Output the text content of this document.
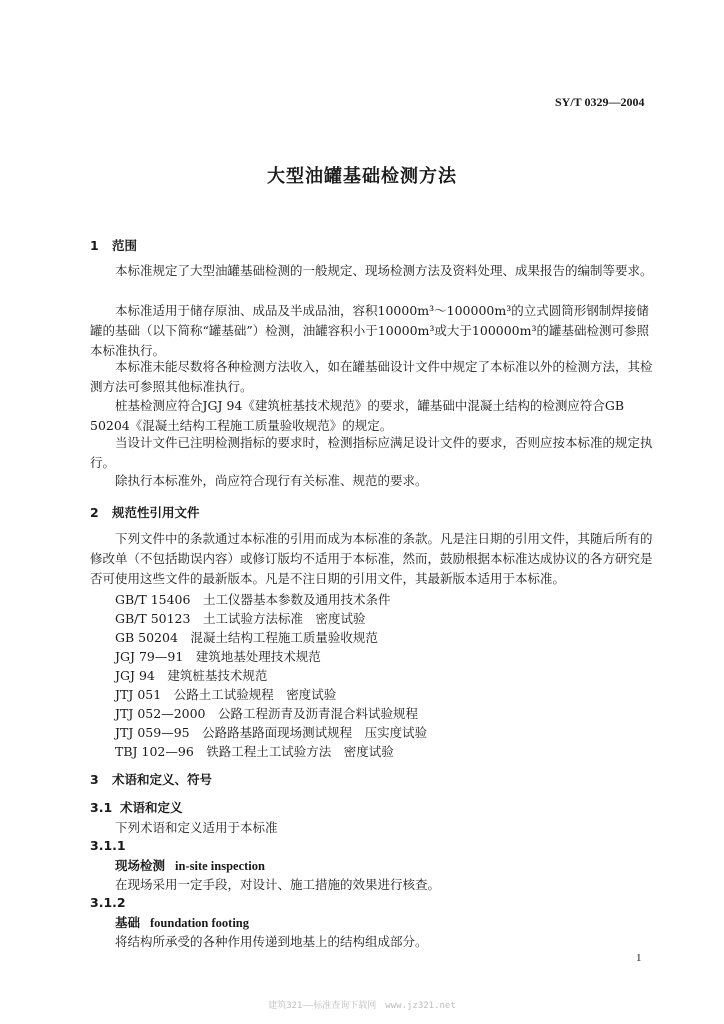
SY/T 0329—2004
大型油罐基础检测方法
1 范围
本标准规定了大型油罐基础检测的一般规定、现场检测方法及资料处理、成果报告的编制等要求。
本标准适用于储存原油、成品及半成品油，容积10000m³～100000m³的立式圆筒形钢制焊接储罐的基础（以下简称“罐基础”）检测，油罐容积小于10000m³或大于100000m³的罐基础检测可参照本标准执行。
本标准未能尽数将各种检测方法收入，如在罐基础设计文件中规定了本标准以外的检测方法，其检测方法可参照其他标准执行。
桩基检测应符合JGJ 94《建筑桩基技术规范》的要求，罐基础中混凝土结构的检测应符合GB 50204《混凝土结构工程施工质量验收规范》的规定。
当设计文件已注明检测指标的要求时，检测指标应满足设计文件的要求，否则应按本标准的规定执行。
除执行本标准外，尚应符合现行有关标准、规范的要求。
2 规范性引用文件
下列文件中的条款通过本标准的引用而成为本标准的条款。凡是注日期的引用文件，其随后所有的修改单（不包括勘误内容）或修订版均不适用于本标准，然而，鼓励根据本标准达成协议的各方研究是否可使用这些文件的最新版本。凡是不注日期的引用文件，其最新版本适用于本标准。
GB/T 15406　土工仪器基本参数及通用技术条件
GB/T 50123　土工试验方法标准　密度试验
GB 50204　混凝土结构工程施工质量验收规范
JGJ 79—91　建筑地基处理技术规范
JGJ 94　建筑桩基技术规范
JTJ 051　公路土工试验规程　密度试验
JTJ 052—2000　公路工程沥青及沥青混合料试验规程
JTJ 059—95　公路路基路面现场测试规程　压实度试验
TBJ 102—96　铁路工程土工试验方法　密度试验
3 术语和定义、符号
3.1 术语和定义
下列术语和定义适用于本标准
3.1.1
现场检测 in-site inspection
在现场采用一定手段，对设计、施工措施的效果进行核查。
3.1.2
基础 foundation footing
将结构所承受的各种作用传递到地基上的结构组成部分。
1
建筑321——标准查询下载网　www.jz321.net
